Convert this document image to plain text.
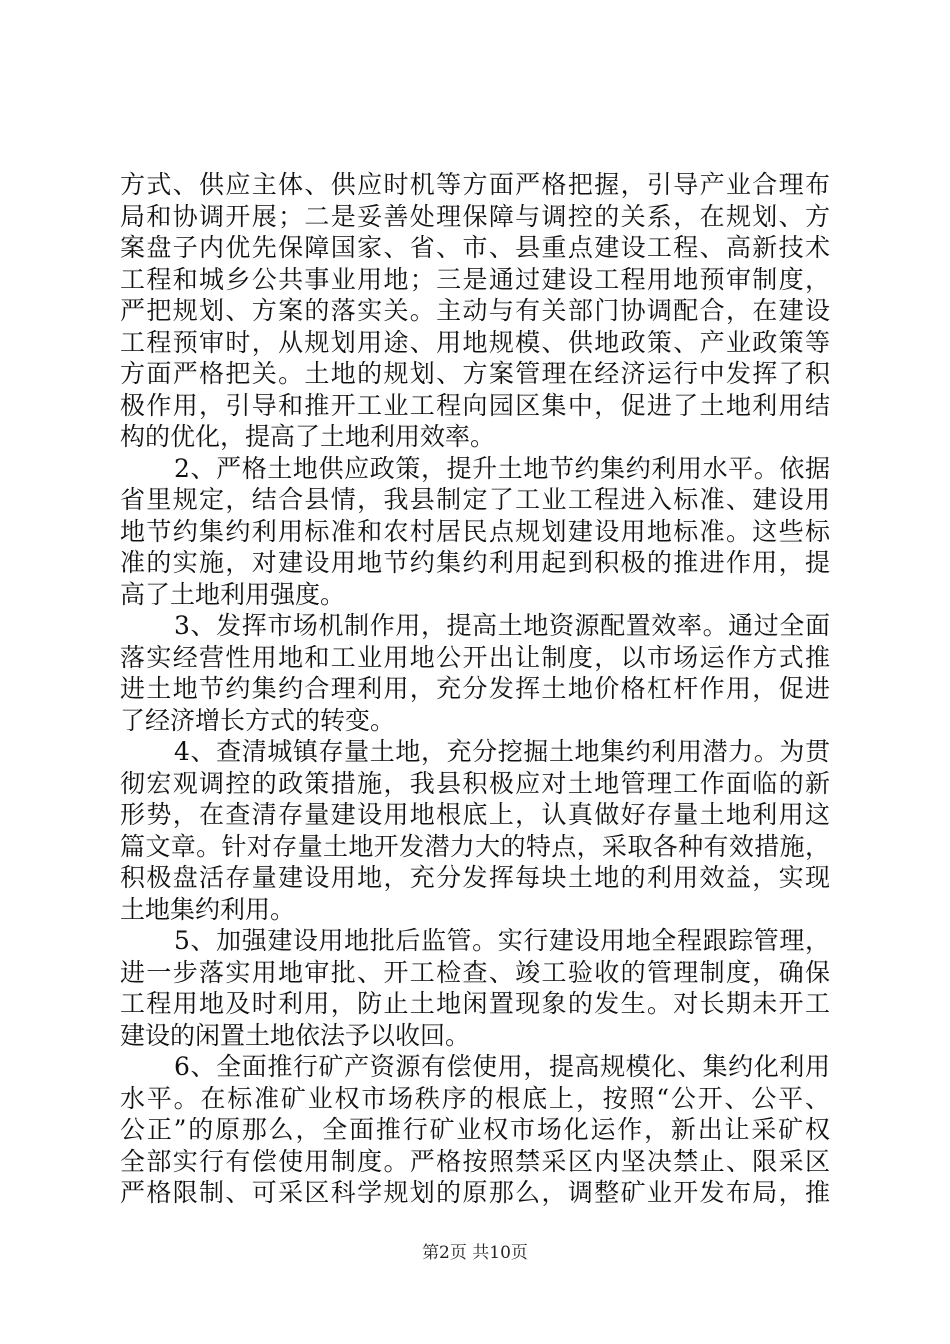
方式、供应主体、供应时机等方面严格把握，引导产业合理布
局和协调开展；二是妥善处理保障与调控的关系，在规划、方
案盘子内优先保障国家、省、市、县重点建设工程、高新技术
工程和城乡公共事业用地；三是通过建设工程用地预审制度，
严把规划、方案的落实关。主动与有关部门协调配合，在建设
工程预审时，从规划用途、用地规模、供地政策、产业政策等
方面严格把关。土地的规划、方案管理在经济运行中发挥了积
极作用，引导和推开工业工程向园区集中，促进了土地利用结
构的优化，提高了土地利用效率。
2、严格土地供应政策，提升土地节约集约利用水平。依据
省里规定，结合县情，我县制定了工业工程进入标准、建设用
地节约集约利用标准和农村居民点规划建设用地标准。这些标
准的实施，对建设用地节约集约利用起到积极的推进作用，提
高了土地利用强度。
3、发挥市场机制作用，提高土地资源配置效率。通过全面
落实经营性用地和工业用地公开出让制度，以市场运作方式推
进土地节约集约合理利用，充分发挥土地价格杠杆作用，促进
了经济增长方式的转变。
4、查清城镇存量土地，充分挖掘土地集约利用潜力。为贯
彻宏观调控的政策措施，我县积极应对土地管理工作面临的新
形势，在查清存量建设用地根底上，认真做好存量土地利用这
篇文章。针对存量土地开发潜力大的特点，采取各种有效措施，
积极盘活存量建设用地，充分发挥每块土地的利用效益，实现
土地集约利用。
5、加强建设用地批后监管。实行建设用地全程跟踪管理，
进一步落实用地审批、开工检查、竣工验收的管理制度，确保
工程用地及时利用，防止土地闲置现象的发生。对长期未开工
建设的闲置土地依法予以收回。
6、全面推行矿产资源有偿使用，提高规模化、集约化利用
水平。在标准矿业权市场秩序的根底上，按照“公开、公平、
公正”的原那么，全面推行矿业权市场化运作，新出让采矿权
全部实行有偿使用制度。严格按照禁采区内坚决禁止、限采区
严格限制、可采区科学规划的原那么，调整矿业开发布局，推
第2页 共10页
